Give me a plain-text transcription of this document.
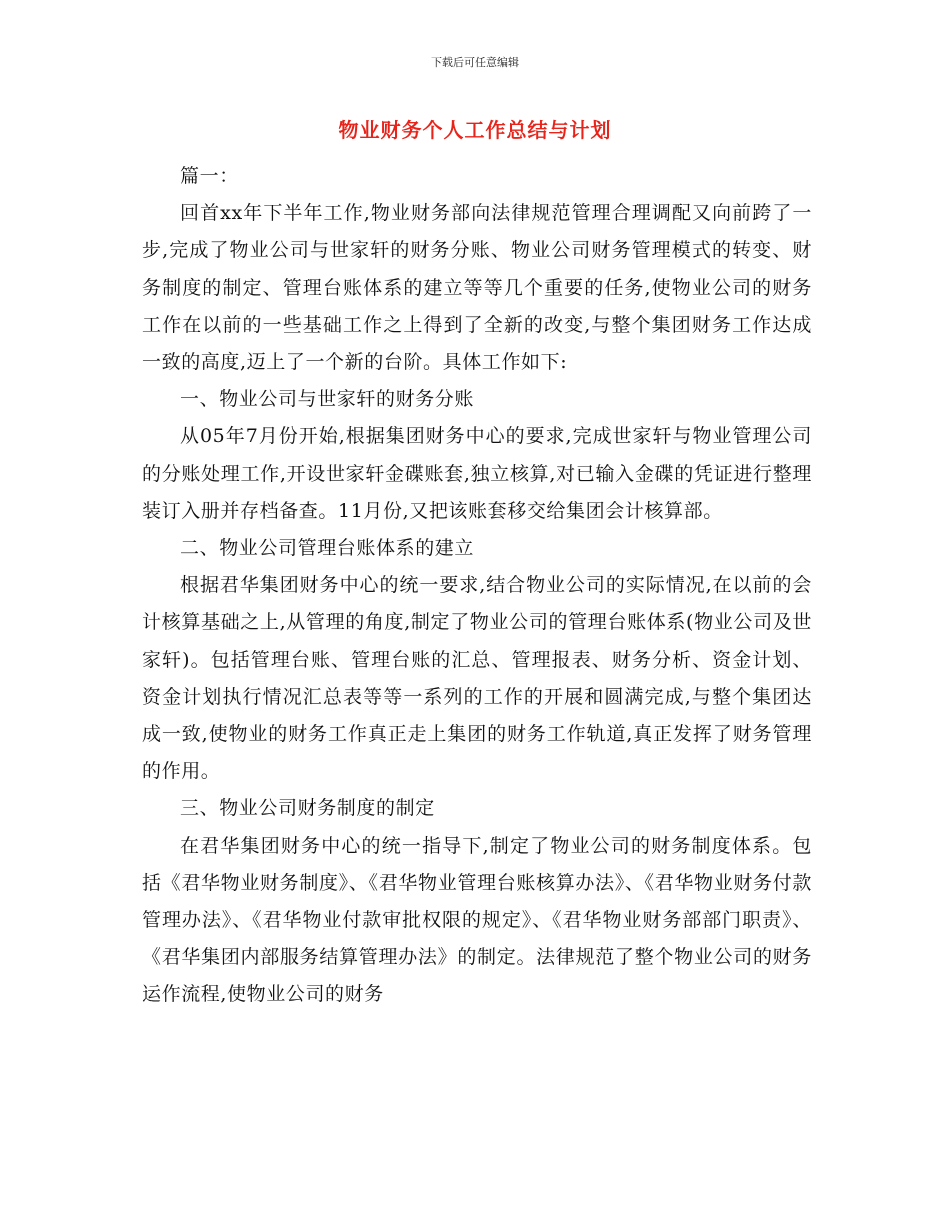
下载后可任意编辑
物业财务个人工作总结与计划

篇一：

回首xx年下半年工作,物业财务部向法律规范管理合理调配又向前跨了一步,完成了物业公司与世家轩的财务分账、物业公司财务管理模式的转变、财务制度的制定、管理台账体系的建立等等几个重要的任务,使物业公司的财务工作在以前的一些基础工作之上得到了全新的改变,与整个集团财务工作达成一致的高度,迈上了一个新的台阶。具体工作如下:

一、物业公司与世家轩的财务分账

从05年7月份开始,根据集团财务中心的要求,完成世家轩与物业管理公司的分账处理工作,开设世家轩金碟账套,独立核算,对已输入金碟的凭证进行整理装订入册并存档备查。11月份,又把该账套移交给集团会计核算部。

二、物业公司管理台账体系的建立

根据君华集团财务中心的统一要求,结合物业公司的实际情况,在以前的会计核算基础之上,从管理的角度,制定了物业公司的管理台账体系(物业公司及世家轩)。包括管理台账、管理台账的汇总、管理报表、财务分析、资金计划、资金计划执行情况汇总表等等一系列的工作的开展和圆满完成,与整个集团达成一致,使物业的财务工作真正走上集团的财务工作轨道,真正发挥了财务管理的作用。

三、物业公司财务制度的制定

在君华集团财务中心的统一指导下,制定了物业公司的财务制度体系。包括《君华物业财务制度》、《君华物业管理台账核算办法》、《君华物业财务付款管理办法》、《君华物业付款审批权限的规定》、《君华物业财务部部门职责》、《君华集团内部服务结算管理办法》的制定。法律规范了整个物业公司的财务运作流程,使物业公司的财务
